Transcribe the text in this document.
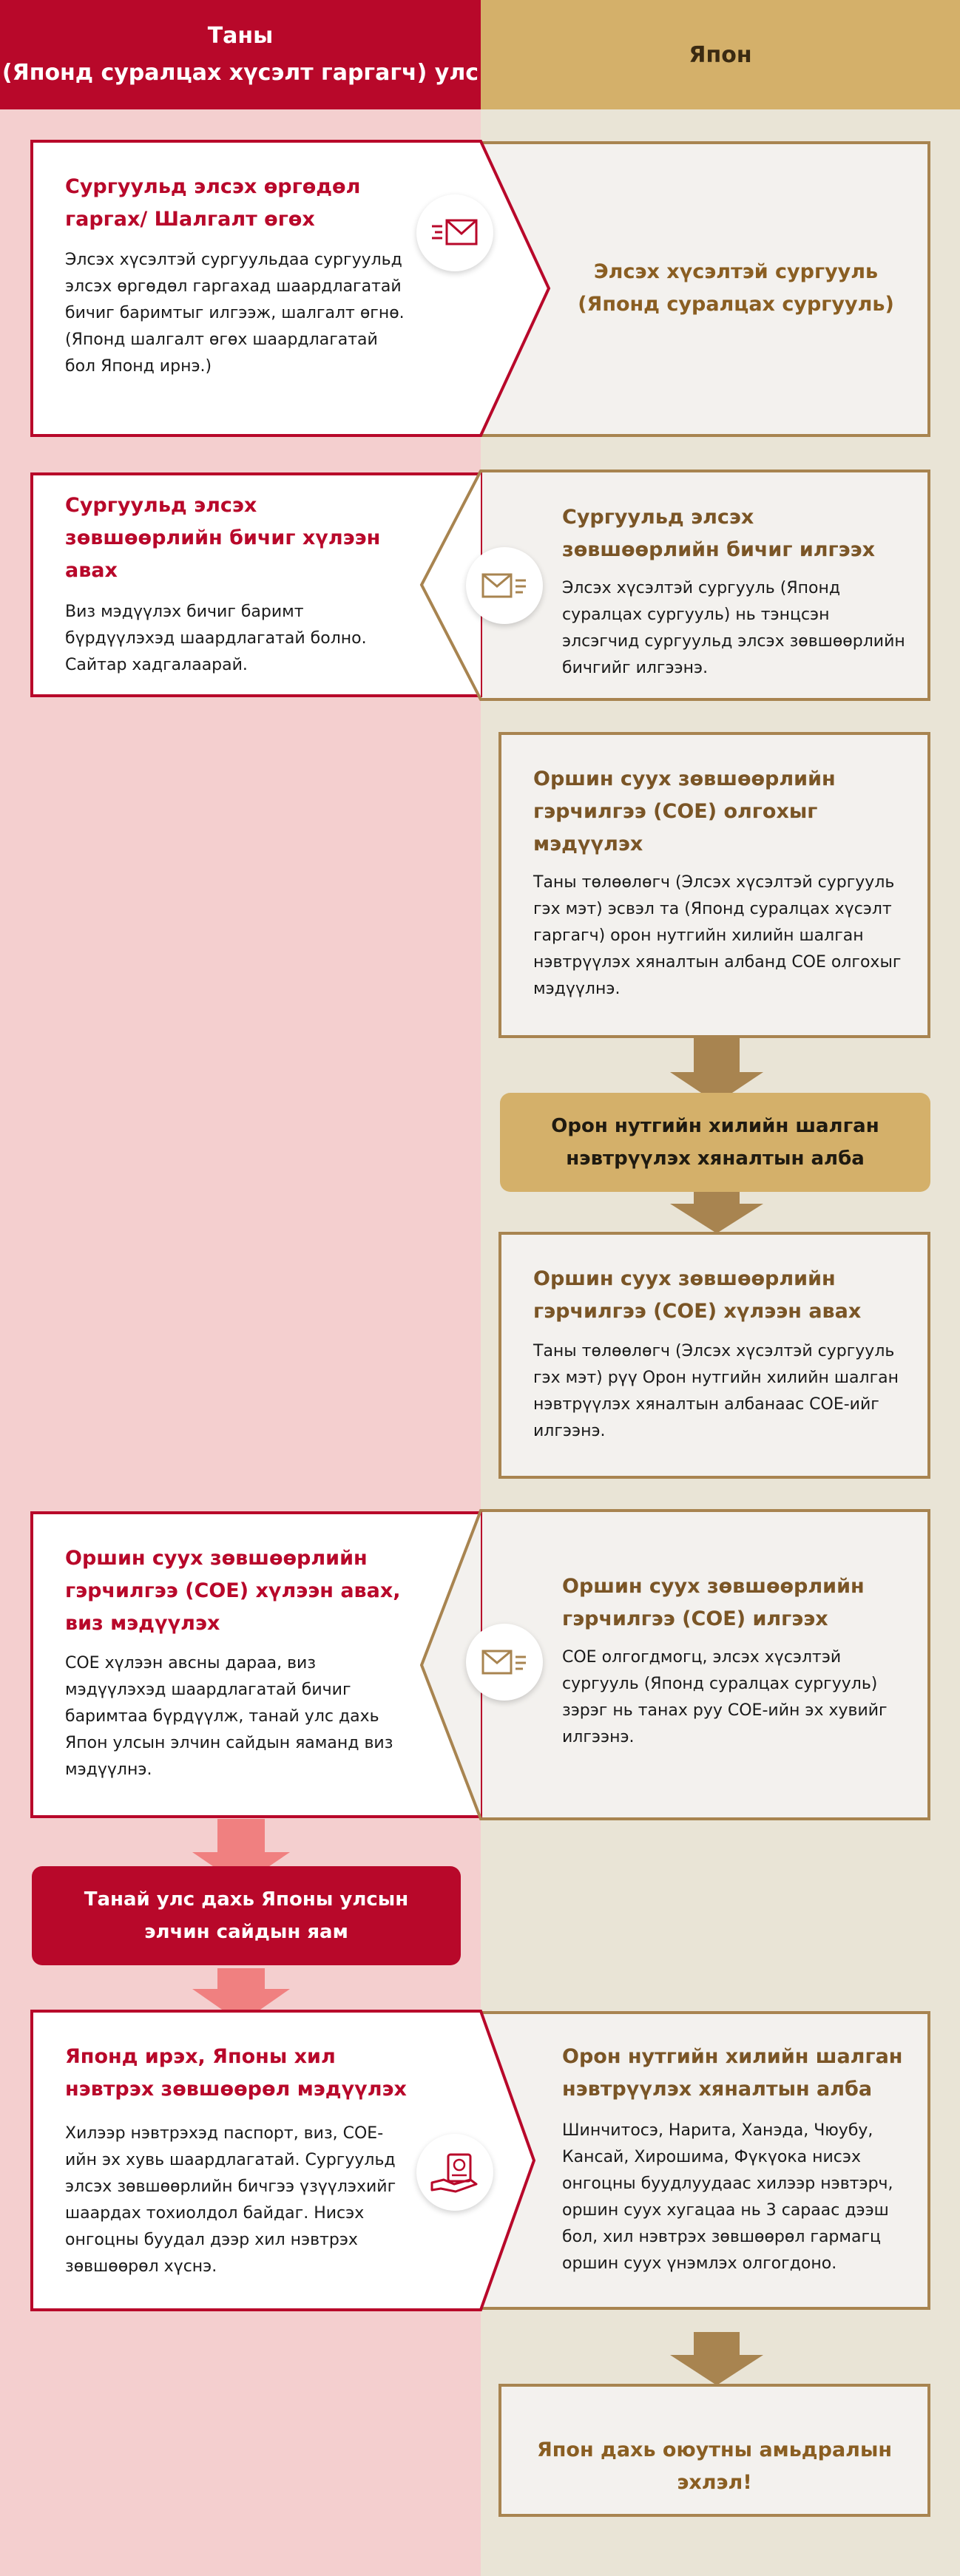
Таны
(Японд суралцах хүсэлт гаргагч) улс
Япон
Сургуульд элсэх өргөдөл гаргах/ Шалгалт өгөх
Элсэх хүсэлтэй сургуульдаа сургуульд элсэх өргөдөл гаргахад шаардлагатай бичиг баримтыг илгээж, шалгалт өгнө. (Японд шалгалт өгөх шаардлагатай бол Японд ирнэ.)
Элсэх хүсэлтэй сургууль (Японд суралцах сургууль)
Сургуульд элсэх зөвшөөрлийн бичиг хүлээн авах
Виз мэдүүлэх бичиг баримт бүрдүүлэхэд шаардлагатай болно. Сайтар хадгалаарай.
Сургуульд элсэх зөвшөөрлийн бичиг илгээх
Элсэх хүсэлтэй сургууль (Японд суралцах сургууль) нь тэнцсэн элсэгчид сургуульд элсэх зөвшөөрлийн бичгийг илгээнэ.
Оршин суух зөвшөөрлийн гэрчилгээ (COE) олгохыг мэдүүлэх
Таны төлөөлөгч (Элсэх хүсэлтэй сургууль гэх мэт) эсвэл та (Японд суралцах хүсэлт гаргагч) орон нутгийн хилийн шалган нэвтрүүлэх хяналтын албанд COE олгохыг мэдүүлнэ.
Орон нутгийн хилийн шалган нэвтрүүлэх хяналтын алба
Оршин суух зөвшөөрлийн гэрчилгээ (COE) хүлээн авах
Таны төлөөлөгч (Элсэх хүсэлтэй сургууль гэх мэт) рүү Орон нутгийн хилийн шалган нэвтрүүлэх хяналтын албанаас COE-ийг илгээнэ.
Оршин суух зөвшөөрлийн гэрчилгээ (COE) хүлээн авах, виз мэдүүлэх
COE хүлээн авсны дараа, виз мэдүүлэхэд шаардлагатай бичиг баримтаа бүрдүүлж, танай улс дахь Япон улсын элчин сайдын яаманд виз мэдүүлнэ.
Оршин суух зөвшөөрлийн гэрчилгээ (COE) илгээх
COE олгогдмогц, элсэх хүсэлтэй сургууль (Японд суралцах сургууль) зэрэг нь танах руу COE-ийн эх хувийг илгээнэ.
Танай улс дахь Японы улсын элчин сайдын яам
Японд ирэх, Японы хил нэвтрэх зөвшөөрөл мэдүүлэх
Хилээр нэвтрэхэд паспорт, виз, COE-ийн эх хувь шаардлагатай. Сургуульд элсэх зөвшөөрлийн бичгээ үзүүлэхийг шаардах тохиолдол байдаг. Нисэх онгоцны буудал дээр хил нэвтрэх зөвшөөрөл хүснэ.
Орон нутгийн хилийн шалган нэвтрүүлэх хяналтын алба
Шинчитосэ, Нарита, Ханэда, Чюубу, Кансай, Хирошима, Фүкүока нисэх онгоцны буудлуудаас хилээр нэвтэрч, оршин суух хугацаа нь 3 сараас дээш бол, хил нэвтрэх зөвшөөрөл гармагц оршин суух үнэмлэх олгогдоно.
Япон дахь оюутны амьдралын эхлэл!
